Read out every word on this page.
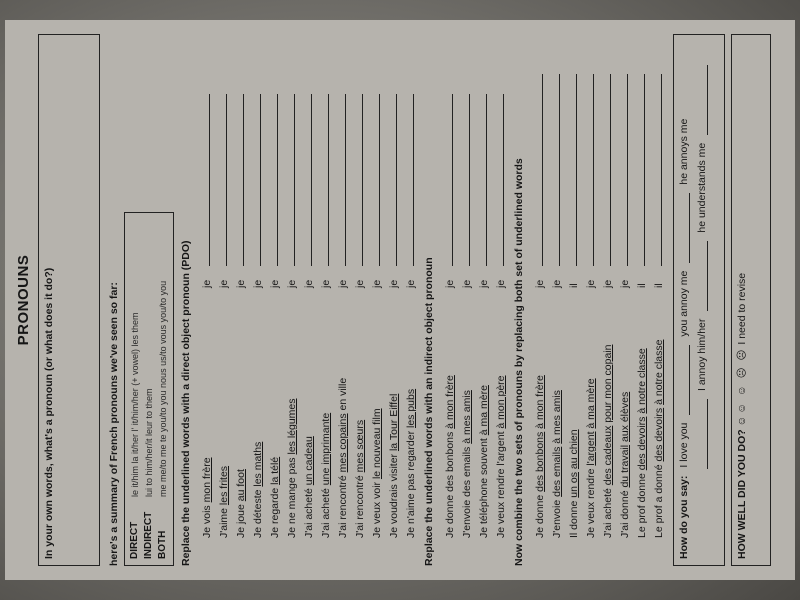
PRONOUNS	In your own words, what's a pronoun (or what does it do?)	here's a summary of French pronouns we've seen so far: DIRECT
le it/him la it/her l' it/him/her (+ vowel) les them
INDIRECT
lui to him/her/it leur to them
BOTH
me me/to me te you/to you nous us/to vous you/to you Replace the underlined words with a direct object pronoun (PDO) Je vois mon frère
je
J'aime les frites
je
Je joue au foot
je
Je déteste les maths
je
Je regarde la télé
je
Je ne mange pas les légumes
je
J'ai acheté un cadeau
je
J'ai acheté une imprimante
je
J'ai rencontré mes copains en ville
je
J'ai rencontré mes sœurs
je
Je veux voir le nouveau film
je
Je voudrais visiter la Tour Eiffel
je
Je n'aime pas regarder les pubs
je Replace the underlined words with an indirect object pronoun Je donne des bonbons à mon frère
je
J'envoie des emails à mes amis
je
Je téléphone souvent à ma mère
je
Je veux rendre l'argent à mon père
je Now combine the two sets of pronouns by replacing both set of underlined words Je donne des bonbons à mon frère
je
J'envoie des emails à mes amis
je
Il donne un os au chien
il
Je veux rendre l'argent à ma mère
je
J'ai acheté des cadeaux pour mon copain
je
J'ai donné du travail aux élèves
je
Le prof donne des devoirs à notre classe
il
Le prof a donné des devoirs à notre classe
il
How do you say:
I love you
you annoy me
he annoys me
I annoy him/her
he understands me
HOW WELL DID YOU DO? ☺☺ ☺ ☹ ☹ I need to revise
